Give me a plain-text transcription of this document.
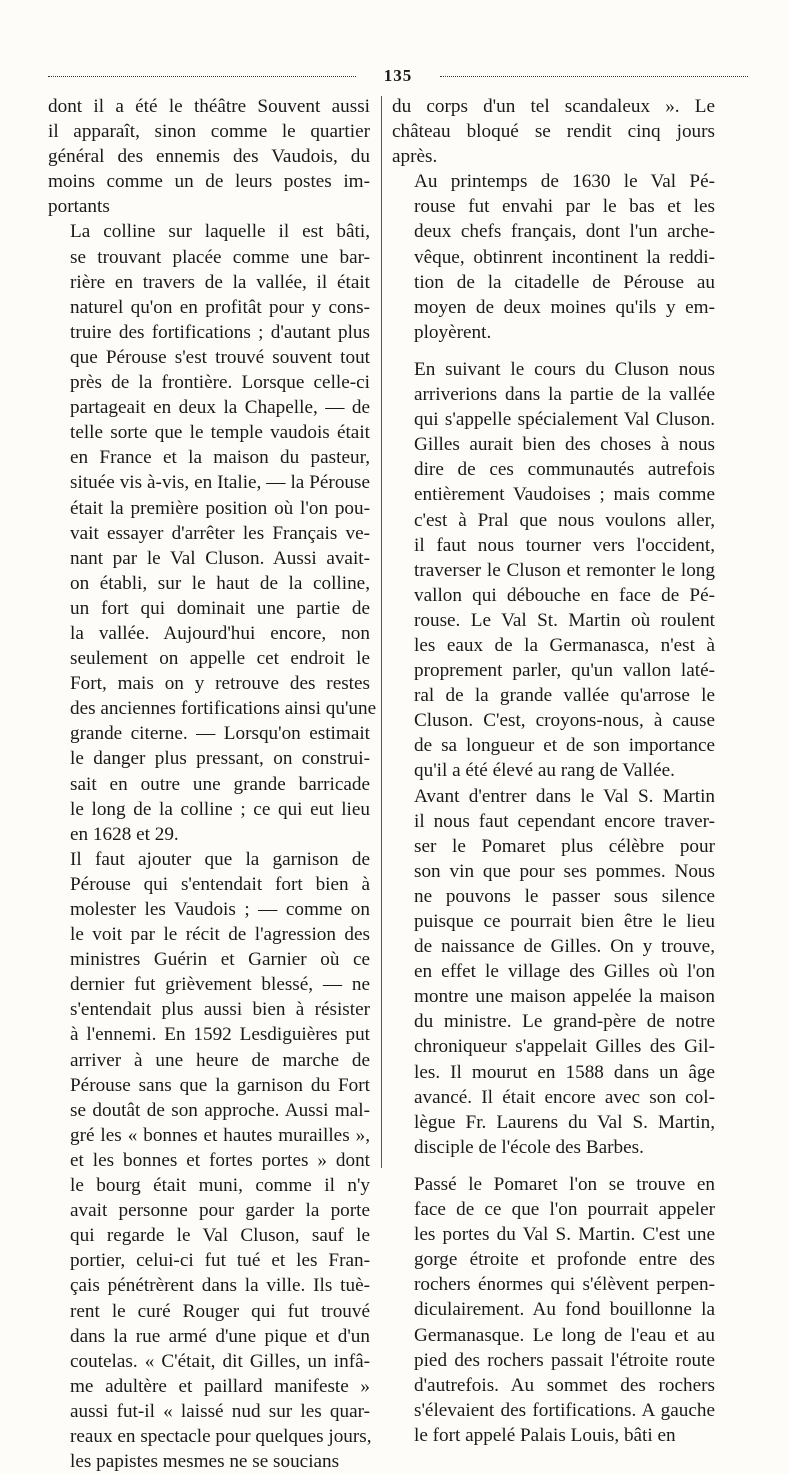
135

dont il a été le théâtre Souvent aussi
il apparaît, sinon comme le quartier
général des ennemis des Vaudois, du
moins comme un de leurs postes im-
portants

La colline sur laquelle il est bâti,
se trouvant placée comme une bar-
rière en travers de la vallée, il était
naturel qu'on en profitât pour y cons-
truire des fortifications ; d'autant plus
que Pérouse s'est trouvé souvent tout
près de la frontière. Lorsque celle-ci
partageait en deux la Chapelle, — de
telle sorte que le temple vaudois était
en France et la maison du pasteur,
située vis à-vis, en Italie, — la Pérouse
était la première position où l'on pou-
vait essayer d'arrêter les Français ve-
nant par le Val Cluson. Aussi avait-
on établi, sur le haut de la colline,
un fort qui dominait une partie de
la vallée. Aujourd'hui encore, non
seulement on appelle cet endroit le
Fort, mais on y retrouve des restes
des anciennes fortifications ainsi qu'une
grande citerne. — Lorsqu'on estimait
le danger plus pressant, on construi-
sait en outre une grande barricade
le long de la colline ; ce qui eut lieu
en 1628 et 29.

Il faut ajouter que la garnison de
Pérouse qui s'entendait fort bien à
molester les Vaudois ; — comme on
le voit par le récit de l'agression des
ministres Guérin et Garnier où ce
dernier fut grièvement blessé, — ne
s'entendait plus aussi bien à résister
à l'ennemi. En 1592 Lesdiguières put
arriver à une heure de marche de
Pérouse sans que la garnison du Fort
se doutât de son approche. Aussi mal-
gré les « bonnes et hautes murailles »,
et les bonnes et fortes portes » dont
le bourg était muni, comme il n'y
avait personne pour garder la porte
qui regarde le Val Cluson, sauf le
portier, celui-ci fut tué et les Fran-
çais pénétrèrent dans la ville. Ils tuè-
rent le curé Rouger qui fut trouvé
dans la rue armé d'une pique et d'un
coutelas. « C'était, dit Gilles, un infâ-
me adultère et paillard manifeste »
aussi fut-il « laissé nud sur les quar-
reaux en spectacle pour quelques jours,
les papistes mesmes ne se soucians

du corps d'un tel scandaleux ». Le
château bloqué se rendit cinq jours
après.

Au printemps de 1630 le Val Pé-
rouse fut envahi par le bas et les
deux chefs français, dont l'un arche-
vêque, obtinrent incontinent la reddi-
tion de la citadelle de Pérouse au
moyen de deux moines qu'ils y em-
ployèrent.

En suivant le cours du Cluson nous
arriverions dans la partie de la vallée
qui s'appelle spécialement Val Cluson.
Gilles aurait bien des choses à nous
dire de ces communautés autrefois
entièrement Vaudoises ; mais comme
c'est à Pral que nous voulons aller,
il faut nous tourner vers l'occident,
traverser le Cluson et remonter le long
vallon qui débouche en face de Pé-
rouse. Le Val St. Martin où roulent
les eaux de la Germanasca, n'est à
proprement parler, qu'un vallon laté-
ral de la grande vallée qu'arrose le
Cluson. C'est, croyons-nous, à cause
de sa longueur et de son importance
qu'il a été élevé au rang de Vallée.

Avant d'entrer dans le Val S. Martin
il nous faut cependant encore traver-
ser le Pomaret plus célèbre pour
son vin que pour ses pommes. Nous
ne pouvons le passer sous silence
puisque ce pourrait bien être le lieu
de naissance de Gilles. On y trouve,
en effet le village des Gilles où l'on
montre une maison appelée la maison
du ministre. Le grand-père de notre
chroniqueur s'appelait Gilles des Gil-
les. Il mourut en 1588 dans un âge
avancé. Il était encore avec son col-
lègue Fr. Laurens du Val S. Martin,
disciple de l'école des Barbes.

Passé le Pomaret l'on se trouve en
face de ce que l'on pourrait appeler
les portes du Val S. Martin. C'est une
gorge étroite et profonde entre des
rochers énormes qui s'élèvent perpen-
diculairement. Au fond bouillonne la
Germanasque. Le long de l'eau et au
pied des rochers passait l'étroite route
d'autrefois. Au sommet des rochers
s'élevaient des fortifications. A gauche
le fort appelé Palais Louis, bâti en
